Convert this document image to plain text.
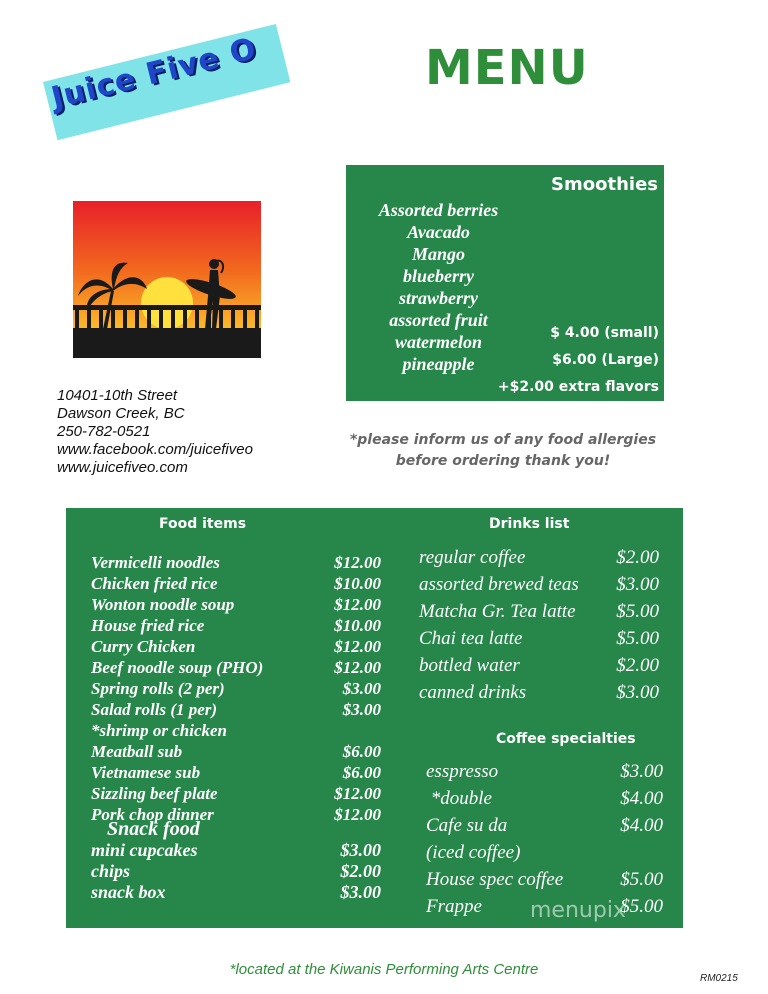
Juice Five O	MENU
10401-10th Street
Dawson Creek, BC
250-782-0521
www.facebook.com/juicefiveo
www.juicefiveo.com
Smoothies
Assorted berries
Avacado
Mango
blueberry
strawberry
assorted fruit
watermelon
pineapple
$ 4.00 (small)
$6.00 (Large)
+$2.00 extra flavors
*please inform us of any food allergies
before ordering thank you!
Food items	Drinks list
Vermicelli noodles	$12.00
Chicken fried rice	$10.00
Wonton noodle soup	$12.00
House fried rice	$10.00
Curry Chicken	$12.00
Beef noodle soup (PHO)	$12.00
Spring rolls (2 per)	$3.00
Salad rolls (1 per)	$3.00
*shrimp or chicken
Meatball sub	$6.00
Vietnamese sub	$6.00
Sizzling beef plate	$12.00
Pork chop dinner	$12.00
Snack food
mini cupcakes	$3.00
chips	$2.00
snack box	$3.00
regular coffee	$2.00
assorted brewed teas $3.00
Matcha Gr. Tea latte $5.00
Chai tea latte	$5.00
bottled water	$2.00
canned drinks	$3.00
Coffee specialties
esspresso	$3.00
*double	$4.00
Cafe su da	$4.00
(iced coffee)
House spec coffee	$5.00
Frappe	$5.00
menupix
*located at the Kiwanis Performing Arts Centre
RM0215
